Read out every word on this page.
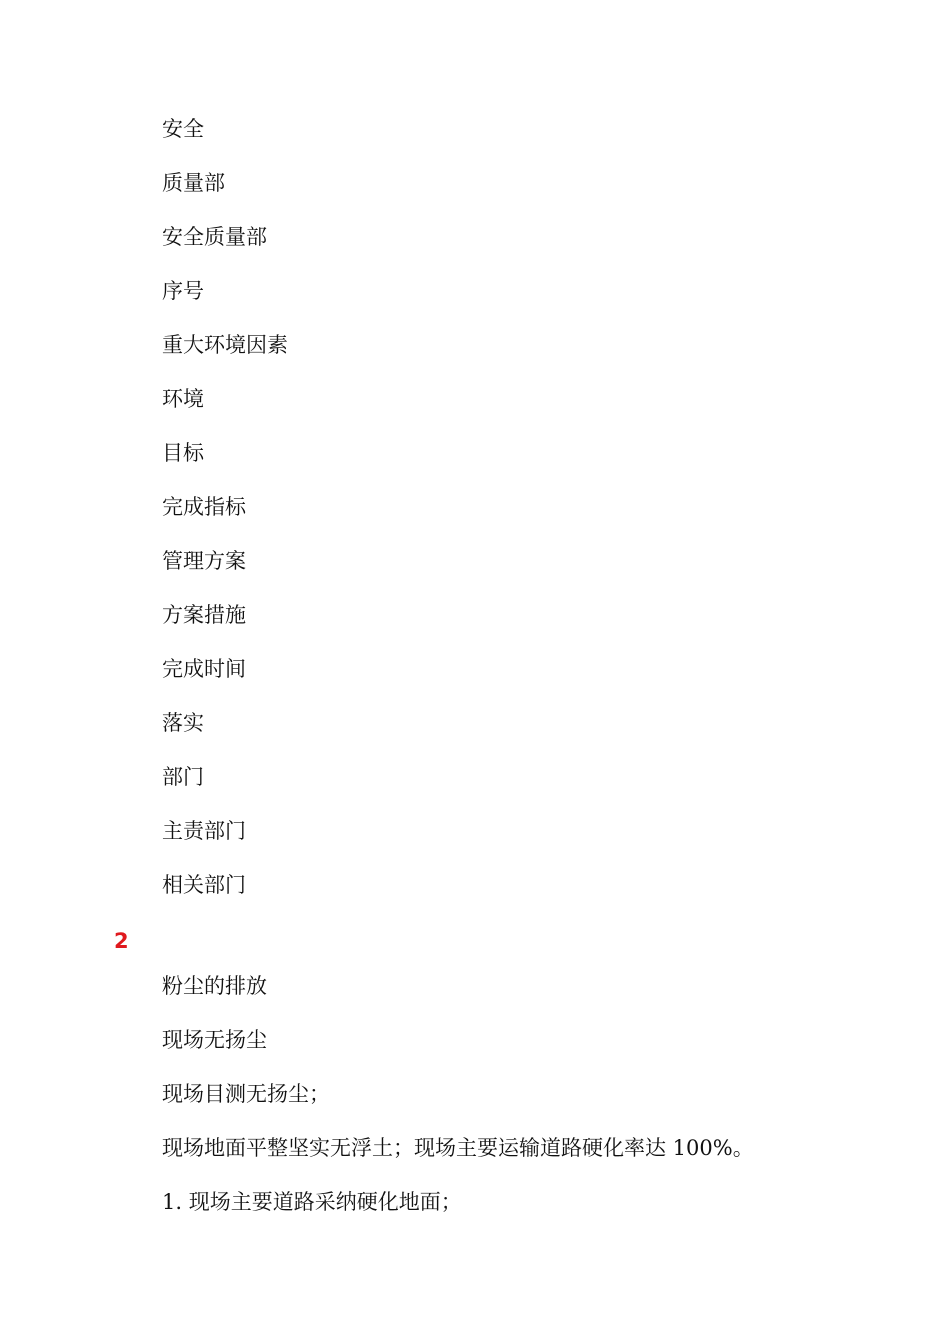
安全
质量部
安全质量部
序号
重大环境因素
环境
目标
完成指标
管理方案
方案措施
完成时间
落实
部门
主责部门
相关部门
2
粉尘的排放
现场无扬尘
现场目测无扬尘；
现场地面平整坚实无浮土；现场主要运输道路硬化率达 100%。
1. 现场主要道路采纳硬化地面；
